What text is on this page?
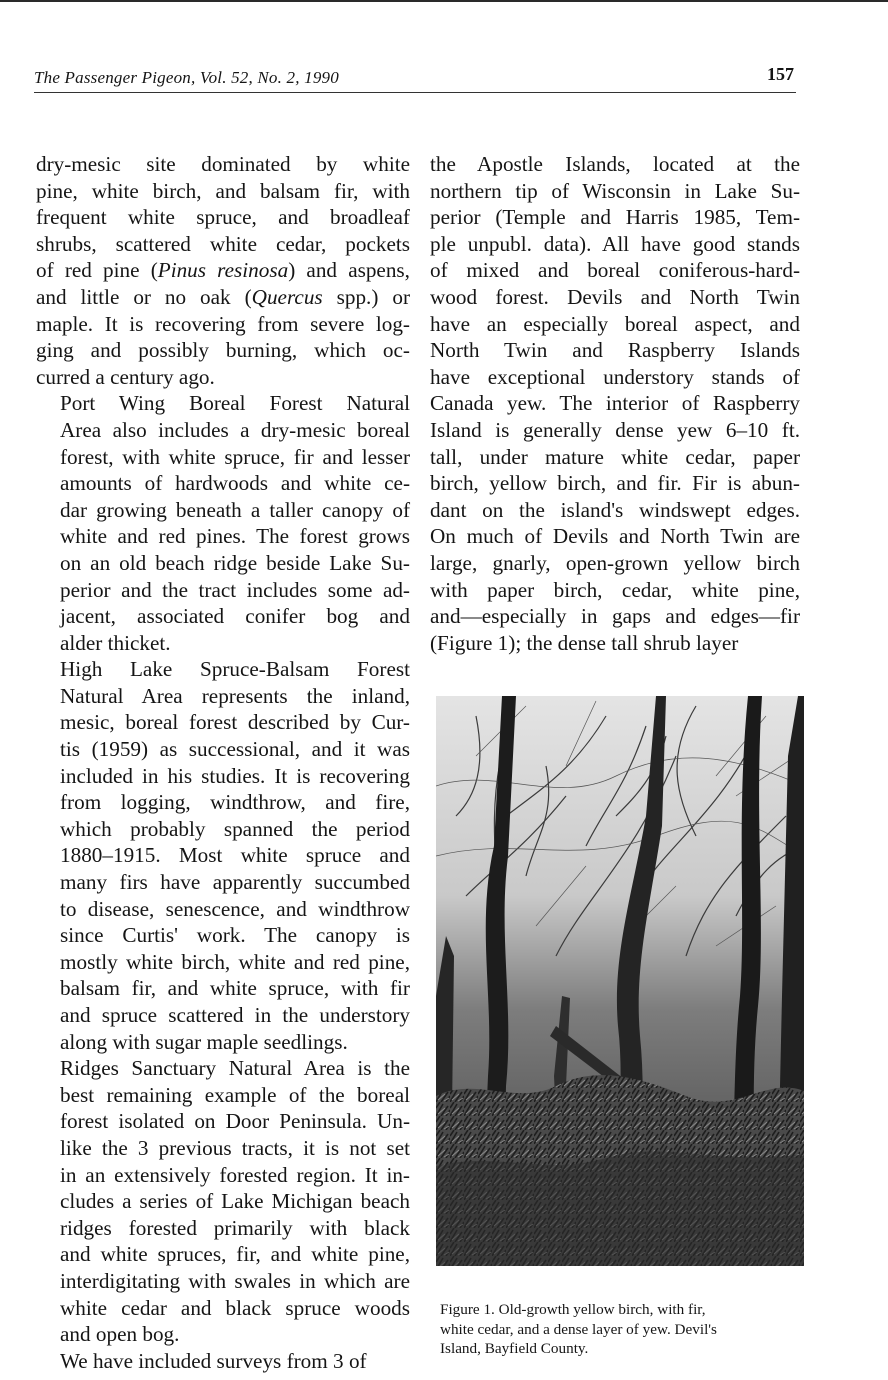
The Passenger Pigeon, Vol. 52, No. 2, 1990	157

dry-mesic site dominated by white
pine, white birch, and balsam fir, with
frequent white spruce, and broadleaf
shrubs, scattered white cedar, pockets
of red pine (Pinus resinosa) and aspens,
and little or no oak (Quercus spp.) or
maple. It is recovering from severe log-
ging and possibly burning, which oc-
curred a century ago.

Port Wing Boreal Forest Natural
Area also includes a dry-mesic boreal
forest, with white spruce, fir and lesser
amounts of hardwoods and white ce-
dar growing beneath a taller canopy of
white and red pines. The forest grows
on an old beach ridge beside Lake Su-
perior and the tract includes some ad-
jacent, associated conifer bog and
alder thicket.

High Lake Spruce-Balsam Forest
Natural Area represents the inland,
mesic, boreal forest described by Cur-
tis (1959) as successional, and it was
included in his studies. It is recovering
from logging, windthrow, and fire,
which probably spanned the period
1880–1915. Most white spruce and
many firs have apparently succumbed
to disease, senescence, and windthrow
since Curtis' work. The canopy is
mostly white birch, white and red pine,
balsam fir, and white spruce, with fir
and spruce scattered in the understory
along with sugar maple seedlings.

Ridges Sanctuary Natural Area is the
best remaining example of the boreal
forest isolated on Door Peninsula. Un-
like the 3 previous tracts, it is not set
in an extensively forested region. It in-
cludes a series of Lake Michigan beach
ridges forested primarily with black
and white spruces, fir, and white pine,
interdigitating with swales in which are
white cedar and black spruce woods
and open bog.

We have included surveys from 3 of

the Apostle Islands, located at the
northern tip of Wisconsin in Lake Su-
perior (Temple and Harris 1985, Tem-
ple unpubl. data). All have good stands
of mixed and boreal coniferous-hard-
wood forest. Devils and North Twin
have an especially boreal aspect, and
North Twin and Raspberry Islands
have exceptional understory stands of
Canada yew. The interior of Raspberry
Island is generally dense yew 6–10 ft.
tall, under mature white cedar, paper
birch, yellow birch, and fir. Fir is abun-
dant on the island's windswept edges.
On much of Devils and North Twin are
large, gnarly, open-grown yellow birch
with paper birch, cedar, white pine,
and—especially in gaps and edges—fir
(Figure 1); the dense tall shrub layer

Figure 1. Old-growth yellow birch, with fir,
white cedar, and a dense layer of yew. Devil's
Island, Bayfield County.
